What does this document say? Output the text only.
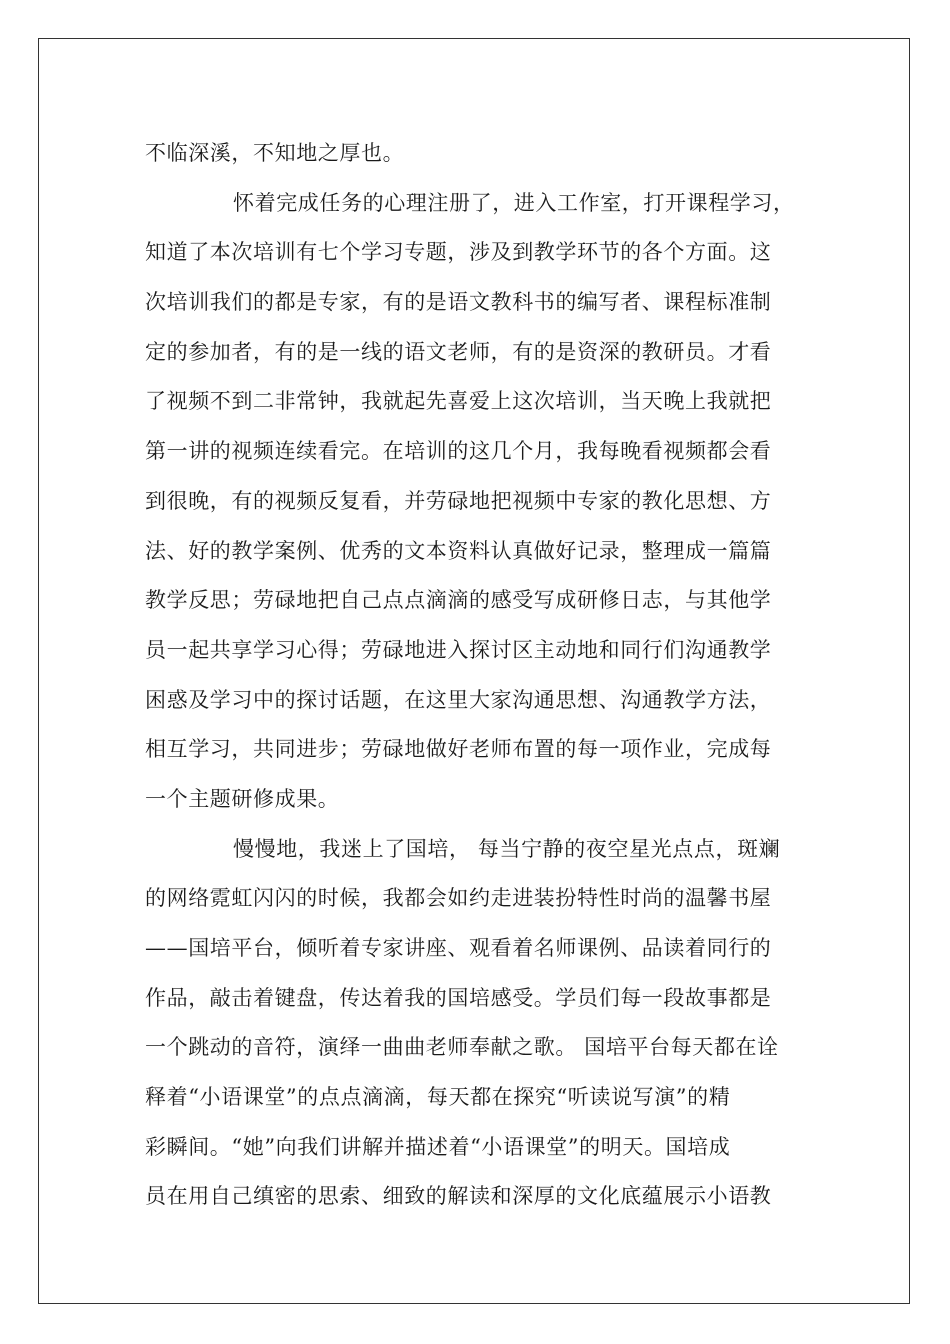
不临深溪，不知地之厚也。
怀着完成任务的心理注册了，进入工作室，打开课程学习，
知道了本次培训有七个学习专题，涉及到教学环节的各个方面。这
次培训我们的都是专家，有的是语文教科书的编写者、课程标准制
定的参加者，有的是一线的语文老师，有的是资深的教研员。才看
了视频不到二非常钟，我就起先喜爱上这次培训，当天晚上我就把
第一讲的视频连续看完。在培训的这几个月，我每晚看视频都会看
到很晚，有的视频反复看，并劳碌地把视频中专家的教化思想、方
法、好的教学案例、优秀的文本资料认真做好记录，整理成一篇篇
教学反思；劳碌地把自己点点滴滴的感受写成研修日志，与其他学
员一起共享学习心得；劳碌地进入探讨区主动地和同行们沟通教学
困惑及学习中的探讨话题，在这里大家沟通思想、沟通教学方法，
相互学习，共同进步；劳碌地做好老师布置的每一项作业，完成每
一个主题研修成果。
慢慢地，我迷上了国培， 每当宁静的夜空星光点点，斑斓
的网络霓虹闪闪的时候，我都会如约走进装扮特性时尚的温馨书屋
——国培平台，倾听着专家讲座、观看着名师课例、品读着同行的
作品，敲击着键盘，传达着我的国培感受。学员们每一段故事都是
一个跳动的音符，演绎一曲曲老师奉献之歌。 国培平台每天都在诠
释着“小语课堂”的点点滴滴，每天都在探究“听读说写演”的精
彩瞬间。“她”向我们讲解并描述着“小语课堂”的明天。国培成
员在用自己缜密的思索、细致的解读和深厚的文化底蕴展示小语教
